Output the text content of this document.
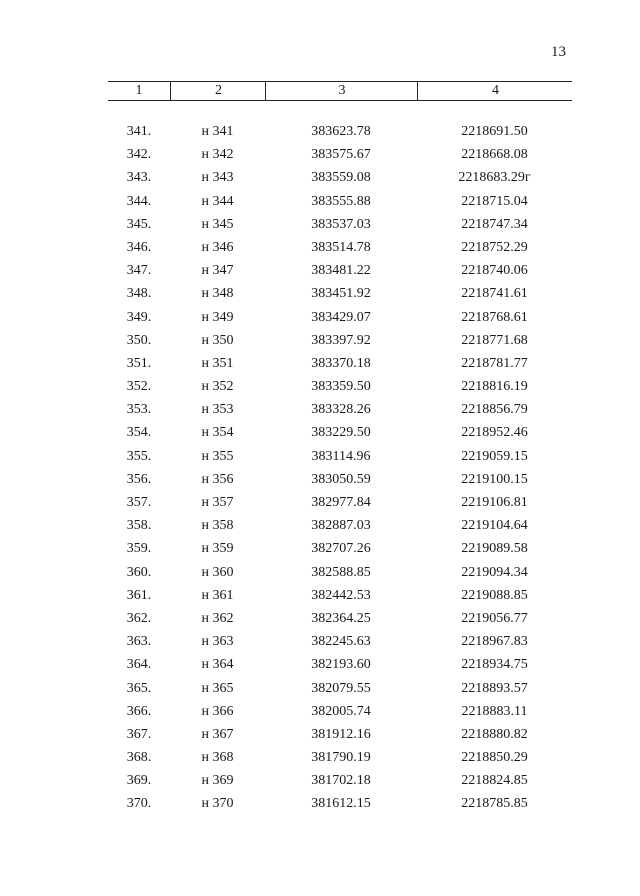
13
1	2	3	4
341.	н 341	383623.78	2218691.50
342.	н 342	383575.67	2218668.08
343.	н 343	383559.08	2218683.29г
344.	н 344	383555.88	2218715.04
345.	н 345	383537.03	2218747.34
346.	н 346	383514.78	2218752.29
347.	н 347	383481.22	2218740.06
348.	н 348	383451.92	2218741.61
349.	н 349	383429.07	2218768.61
350.	н 350	383397.92	2218771.68
351.	н 351	383370.18	2218781.77
352.	н 352	383359.50	2218816.19
353.	н 353	383328.26	2218856.79
354.	н 354	383229.50	2218952.46
355.	н 355	383114.96	2219059.15
356.	н 356	383050.59	2219100.15
357.	н 357	382977.84	2219106.81
358.	н 358	382887.03	2219104.64
359.	н 359	382707.26	2219089.58
360.	н 360	382588.85	2219094.34
361.	н 361	382442.53	2219088.85
362.	н 362	382364.25	2219056.77
363.	н 363	382245.63	2218967.83
364.	н 364	382193.60	2218934.75
365.	н 365	382079.55	2218893.57
366.	н 366	382005.74	2218883.11
367.	н 367	381912.16	2218880.82
368.	н 368	381790.19	2218850.29
369.	н 369	381702.18	2218824.85
370.	н 370	381612.15	2218785.85
